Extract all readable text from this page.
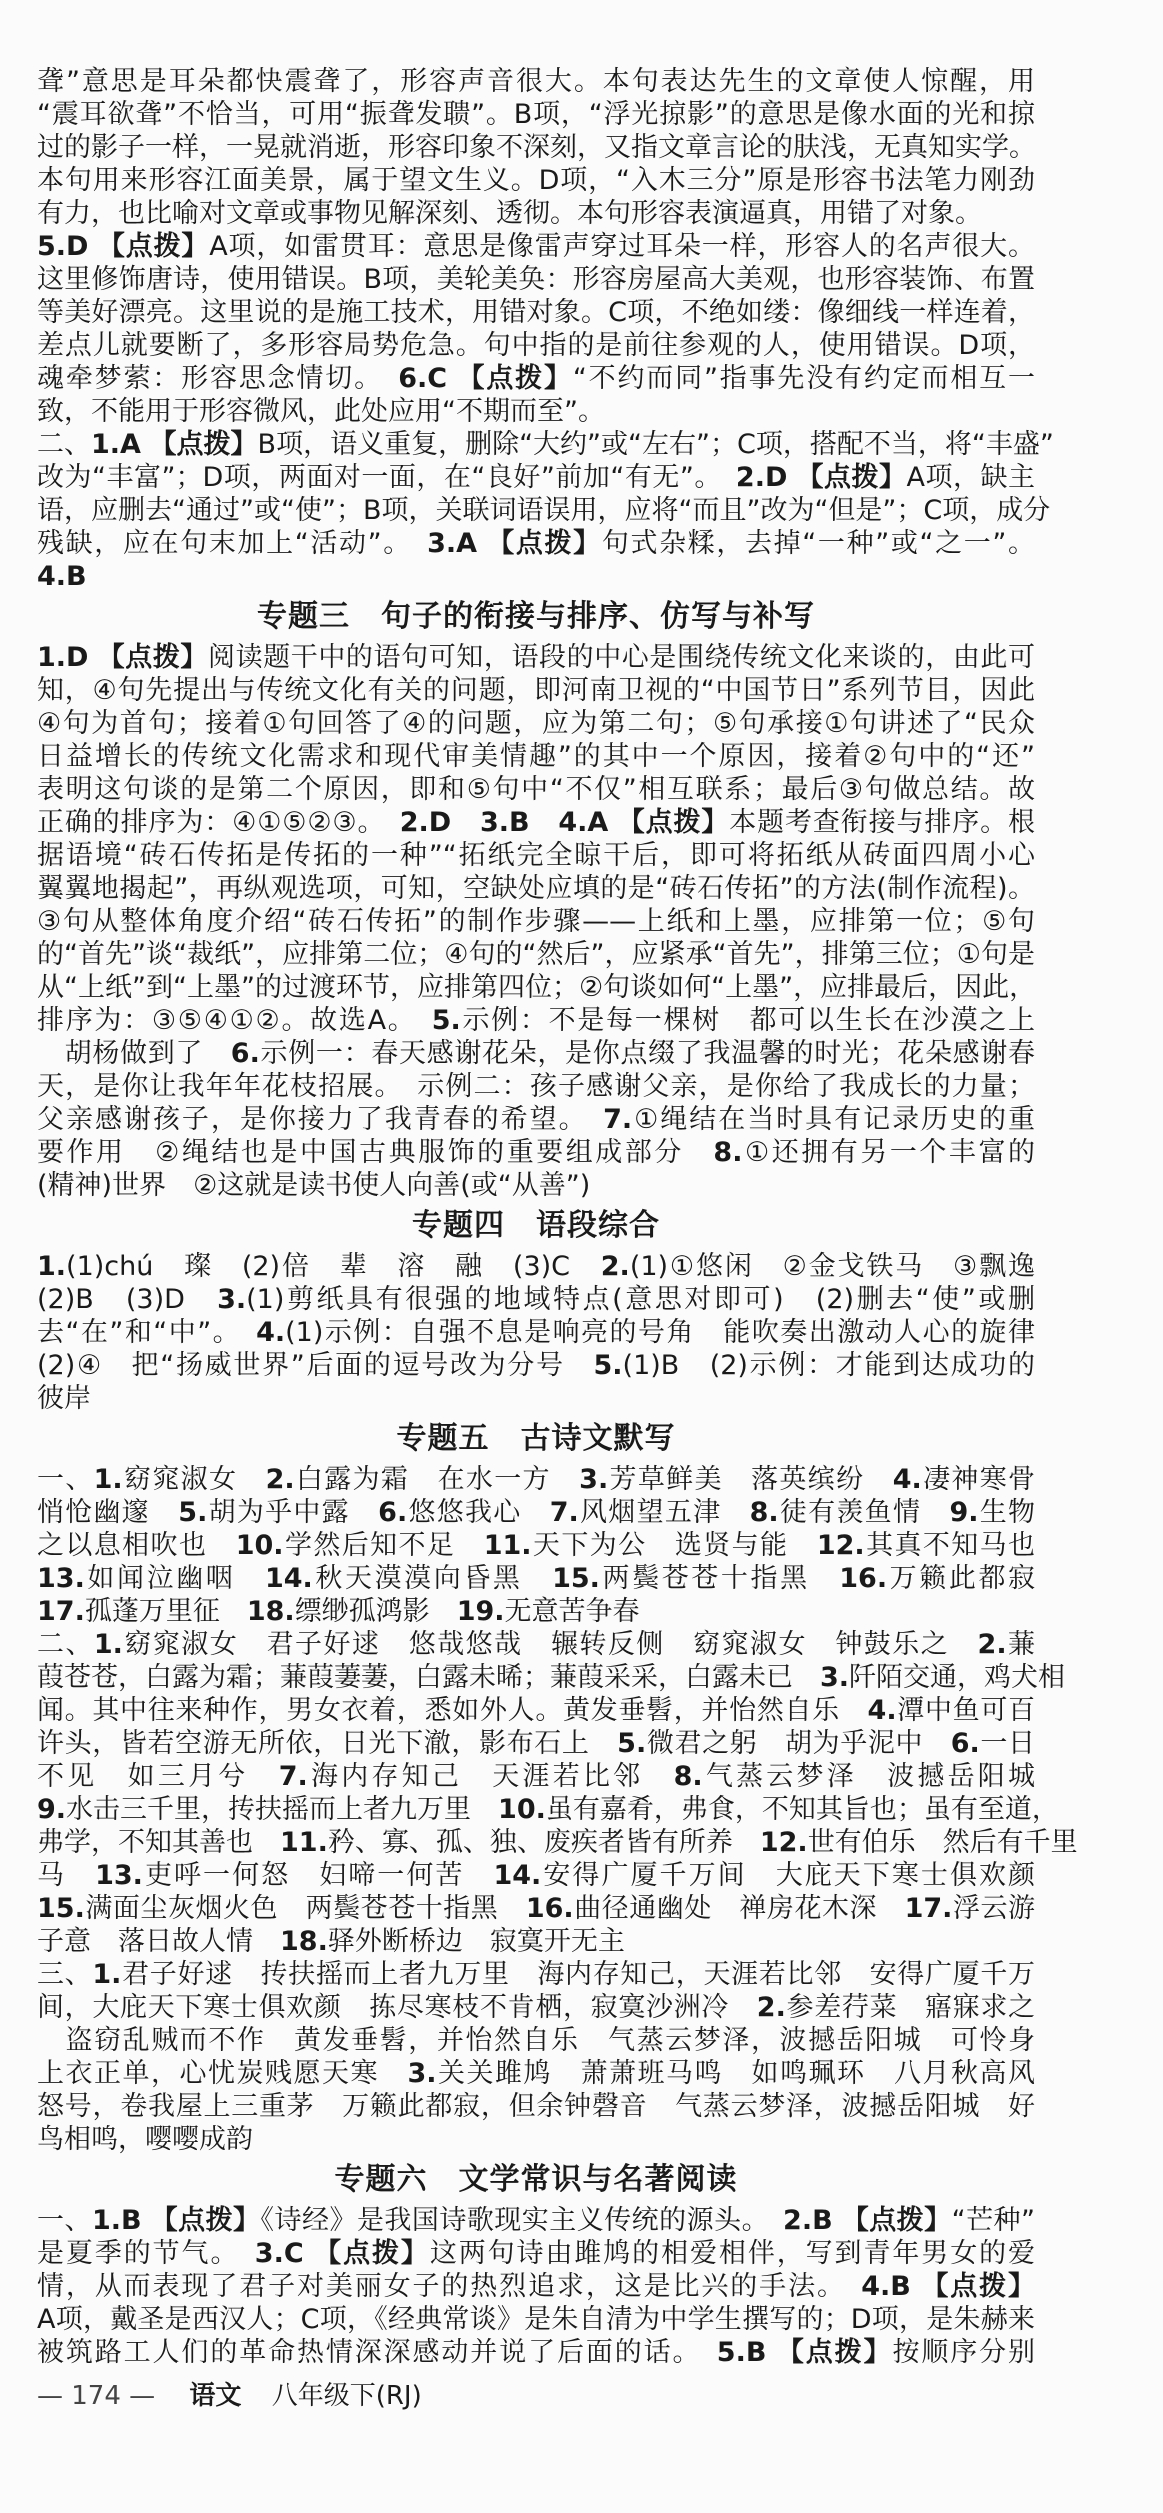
聋”意思是耳朵都快震聋了，形容声音很大。本句表达先生的文章使人惊醒，用
“震耳欲聋”不恰当，可用“振聋发聩”。B项，“浮光掠影”的意思是像水面的光和掠
过的影子一样，一晃就消逝，形容印象不深刻，又指文章言论的肤浅，无真知实学。
本句用来形容江面美景，属于望文生义。D项，“入木三分”原是形容书法笔力刚劲
有力，也比喻对文章或事物见解深刻、透彻。本句形容表演逼真，用错了对象。
5.D 【点拨】A项，如雷贯耳：意思是像雷声穿过耳朵一样，形容人的名声很大。
这里修饰唐诗，使用错误。B项，美轮美奂：形容房屋高大美观，也形容装饰、布置
等美好漂亮。这里说的是施工技术，用错对象。C项，不绝如缕：像细线一样连着，
差点儿就要断了，多形容局势危急。句中指的是前往参观的人，使用错误。D项，
魂牵梦萦：形容思念情切。　6.C 【点拨】“不约而同”指事先没有约定而相互一
致，不能用于形容微风，此处应用“不期而至”。
二、1.A 【点拨】B项，语义重复，删除“大约”或“左右”；C项，搭配不当，将“丰盛”
改为“丰富”；D项，两面对一面，在“良好”前加“有无”。　2.D 【点拨】A项，缺主
语，应删去“通过”或“使”；B项，关联词语误用，应将“而且”改为“但是”；C项，成分
残缺，应在句末加上“活动”。　3.A 【点拨】句式杂糅，去掉“一种”或“之一”。
4.B
专题三　句子的衔接与排序、仿写与补写
1.D 【点拨】阅读题干中的语句可知，语段的中心是围绕传统文化来谈的，由此可
知，④句先提出与传统文化有关的问题，即河南卫视的“中国节日”系列节目，因此
④句为首句；接着①句回答了④的问题，应为第二句；⑤句承接①句讲述了“民众
日益增长的传统文化需求和现代审美情趣”的其中一个原因，接着②句中的“还”
表明这句谈的是第二个原因，即和⑤句中“不仅”相互联系；最后③句做总结。故
正确的排序为：④①⑤②③。　2.D　 3.B　 4.A 【点拨】本题考查衔接与排序。根
据语境“砖石传拓是传拓的一种”“拓纸完全晾干后，即可将拓纸从砖面四周小心
翼翼地揭起”，再纵观选项，可知，空缺处应填的是“砖石传拓”的方法(制作流程)。
③句从整体角度介绍“砖石传拓”的制作步骤——上纸和上墨，应排第一位；⑤句
的“首先”谈“裁纸”，应排第二位；④句的“然后”，应紧承“首先”，排第三位；①句是
从“上纸”到“上墨”的过渡环节，应排第四位；②句谈如何“上墨”，应排最后，因此，
排序为：③⑤④①②。故选A。　5.示例：不是每一棵树　都可以生长在沙漠之上
　胡杨做到了　6.示例一：春天感谢花朵，是你点缀了我温馨的时光；花朵感谢春
天，是你让我年年花枝招展。　示例二：孩子感谢父亲，是你给了我成长的力量；
父亲感谢孩子，是你接力了我青春的希望。　7.①绳结在当时具有记录历史的重
要作用　②绳结也是中国古典服饰的重要组成部分　8.①还拥有另一个丰富的
(精神)世界　②这就是读书使人向善(或“从善”)
专题四　语段综合
1.(1)chú　璨　(2)倍　辈　溶　融　(3)C　2.(1)①悠闲　②金戈铁马　③飘逸
(2)B　(3)D　3.(1)剪纸具有很强的地域特点(意思对即可)　(2)删去“使”或删
去“在”和“中”。　4.(1)示例：自强不息是响亮的号角　能吹奏出激动人心的旋律
(2)④　把“扬威世界”后面的逗号改为分号　5.(1)B　(2)示例：才能到达成功的
彼岸
专题五　古诗文默写
一、1.窈窕淑女　2.白露为霜　在水一方　3.芳草鲜美　落英缤纷　4.凄神寒骨
悄怆幽邃　5.胡为乎中露　6.悠悠我心　7.风烟望五津　8.徒有羡鱼情　9.生物
之以息相吹也　10.学然后知不足　11.天下为公　选贤与能　12.其真不知马也
13.如闻泣幽咽　14.秋天漠漠向昏黑　15.两鬓苍苍十指黑　16.万籁此都寂
17.孤蓬万里征　18.缥缈孤鸿影　19.无意苦争春
二、1.窈窕淑女　君子好逑　悠哉悠哉　辗转反侧　窈窕淑女　钟鼓乐之　2.蒹
葭苍苍，白露为霜；蒹葭萋萋，白露未晞；蒹葭采采，白露未已　3.阡陌交通，鸡犬相
闻。其中往来种作，男女衣着，悉如外人。黄发垂髫，并怡然自乐　4.潭中鱼可百
许头，皆若空游无所依，日光下澈，影布石上　5.微君之躬　胡为乎泥中　6.一日
不见　如三月兮　7.海内存知己　天涯若比邻　8.气蒸云梦泽　波撼岳阳城
9.水击三千里，抟扶摇而上者九万里　10.虽有嘉肴，弗食，不知其旨也；虽有至道，
弗学，不知其善也　11.矜、寡、孤、独、废疾者皆有所养　12.世有伯乐　然后有千里
马　13.吏呼一何怒　妇啼一何苦　14.安得广厦千万间　大庇天下寒士俱欢颜
15.满面尘灰烟火色　两鬓苍苍十指黑　16.曲径通幽处　禅房花木深　17.浮云游
子意　落日故人情　18.驿外断桥边　寂寞开无主
三、1.君子好逑　抟扶摇而上者九万里　海内存知己，天涯若比邻　安得广厦千万
间，大庇天下寒士俱欢颜　拣尽寒枝不肯栖，寂寞沙洲冷　2.参差荇菜　寤寐求之
　盗窃乱贼而不作　黄发垂髫，并怡然自乐　气蒸云梦泽，波撼岳阳城　可怜身
上衣正单，心忧炭贱愿天寒　3.关关雎鸠　萧萧班马鸣　如鸣珮环　八月秋高风
怒号，卷我屋上三重茅　万籁此都寂，但余钟磬音　气蒸云梦泽，波撼岳阳城　好
鸟相鸣，嘤嘤成韵
专题六　文学常识与名著阅读
一、1.B 【点拨】《诗经》是我国诗歌现实主义传统的源头。　2.B 【点拨】“芒种”
是夏季的节气。　3.C 【点拨】这两句诗由雎鸠的相爱相伴，写到青年男女的爱
情，从而表现了君子对美丽女子的热烈追求，这是比兴的手法。　4.B 【点拨】
A项，戴圣是西汉人；C项，《经典常谈》是朱自清为中学生撰写的；D项，是朱赫来
被筑路工人们的革命热情深深感动并说了后面的话。　5.B 【点拨】按顺序分别
— 174 — 语文 八年级下(RJ)
